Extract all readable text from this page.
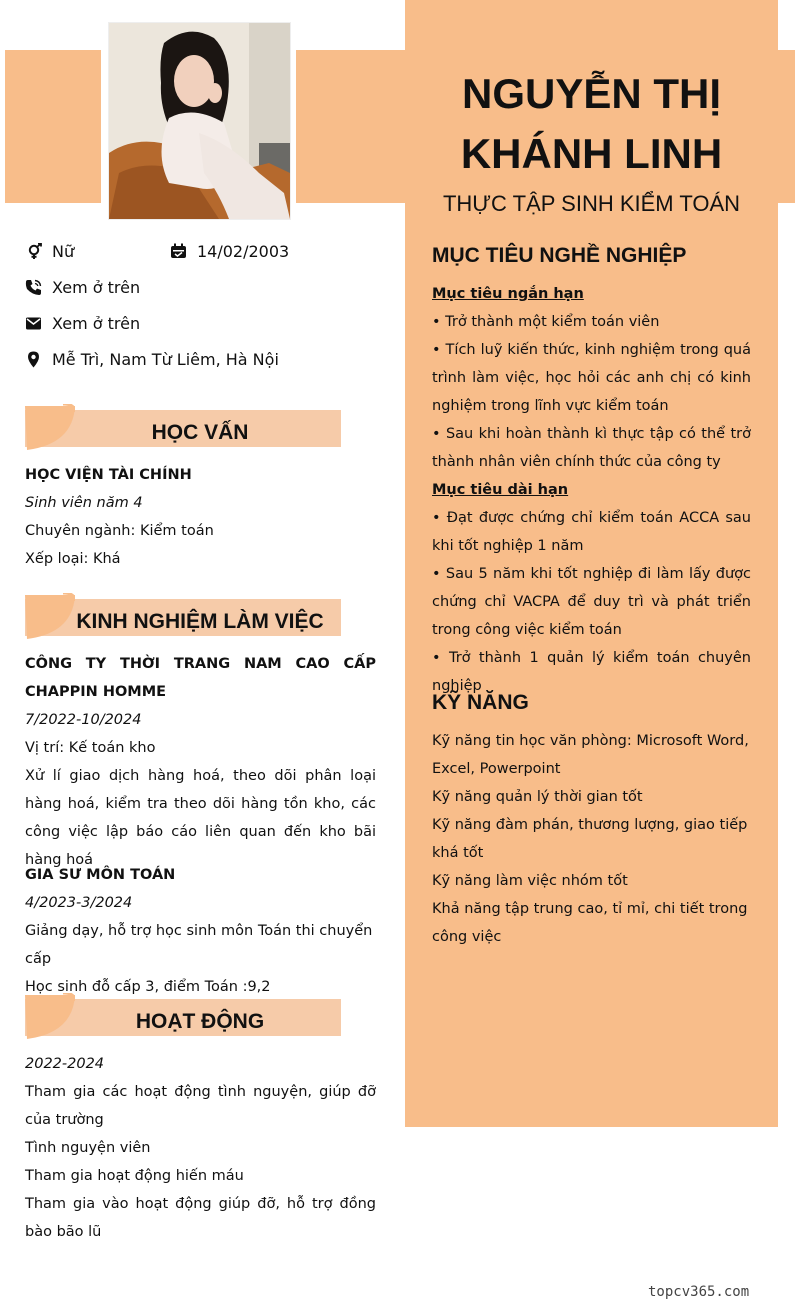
NGUYỄN THỊ
KHÁNH LINH
THỰC TẬP SINH KIỂM TOÁN
Nữ	14/02/2003
Xem ở trên
Xem ở trên
Mễ Trì, Nam Từ Liêm, Hà Nội
HỌC VẤN

HỌC VIỆN TÀI CHÍNH

Sinh viên năm 4

Chuyên ngành: Kiểm toán

Xếp loại: Khá

KINH NGHIỆM LÀM VIỆC

CÔNG TY THỜI TRANG NAM CAO CẤP CHAPPIN HOMME

7/2022-10/2024

Vị trí: Kế toán kho

Xử lí giao dịch hàng hoá, theo dõi phân loại hàng hoá, kiểm tra theo dõi hàng tồn kho, các công việc lập báo cáo liên quan đến kho bãi hàng hoá

GIA SƯ MÔN TOÁN

4/2023-3/2024

Giảng dạy, hỗ trợ học sinh môn Toán thi chuyển cấp

Học sinh đỗ cấp 3, điểm Toán :9,2

HOẠT ĐỘNG

2022-2024

Tham gia các hoạt động tình nguyện, giúp đỡ của trường

Tình nguyện viên

Tham gia hoạt động hiến máu

Tham gia vào hoạt động giúp đỡ, hỗ trợ đồng bào bão lũ

MỤC TIÊU NGHỀ NGHIỆP

Mục tiêu ngắn hạn

• Trở thành một kiểm toán viên

• Tích luỹ kiến thức, kinh nghiệm trong quá trình làm việc, học hỏi các anh chị có kinh nghiệm trong lĩnh vực kiểm toán

• Sau khi hoàn thành kì thực tập có thể trở thành nhân viên chính thức của công ty

Mục tiêu dài hạn

• Đạt được chứng chỉ kiểm toán ACCA sau khi tốt nghiệp 1 năm

• Sau 5 năm khi tốt nghiệp đi làm lấy được chứng chỉ VACPA để duy trì và phát triển trong công việc kiểm toán

• Trở thành 1 quản lý kiểm toán chuyên nghiệp

KỸ NĂNG

Kỹ năng tin học văn phòng: Microsoft Word, Excel, Powerpoint

Kỹ năng quản lý thời gian tốt

Kỹ năng đàm phán, thương lượng, giao tiếp khá tốt

Kỹ năng làm việc nhóm tốt

Khả năng tập trung cao, tỉ mỉ, chi tiết trong công việc

topcv365.com
